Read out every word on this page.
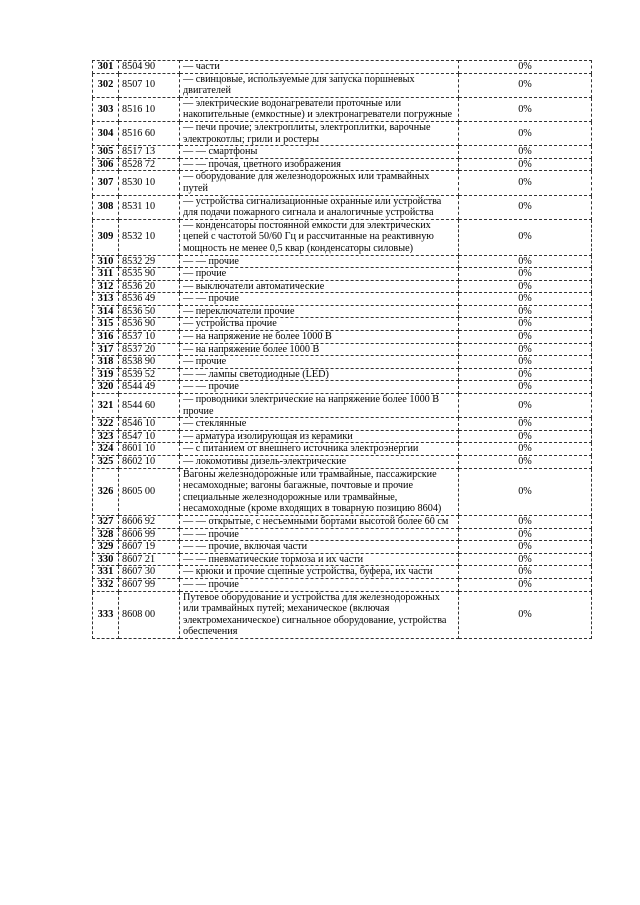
301	8504 90	— части	0%
302	8507 10	— свинцовые, используемые для запуска поршневых двигателей	0%
303	8516 10	— электрические водонагреватели проточные или накопительные (емкостные) и электронагреватели погружные	0%
304	8516 60	— печи прочие; электроплиты, электроплитки, варочные электрокотлы; грили и ростеры	0%
305	8517 13	— — смартфоны	0%
306	8528 72	— — прочая, цветного изображения	0%
307	8530 10	— оборудование для железнодорожных или трамвайных путей	0%
308	8531 10	— устройства сигнализационные охранные или устройства для подачи пожарного сигнала и аналогичные устройства	0%
309	8532 10	— конденсаторы постоянной емкости для электрических цепей с частотой 50/60 Гц и рассчитанные на реактивную мощность не менее 0,5 квар (конденсаторы силовые)	0%
310	8532 29	— — прочие	0%
311	8535 90	— прочие	0%
312	8536 20	— выключатели автоматические	0%
313	8536 49	— — прочие	0%
314	8536 50	— переключатели прочие	0%
315	8536 90	— устройства прочие	0%
316	8537 10	— на напряжение не более 1000 В	0%
317	8537 20	— на напряжение более 1000 В	0%
318	8538 90	— прочие	0%
319	8539 52	— — лампы светодиодные (LED)	0%
320	8544 49	— — прочие	0%
321	8544 60	— проводники электрические на напряжение более 1000 В прочие	0%
322	8546 10	— стеклянные	0%
323	8547 10	— арматура изолирующая из керамики	0%
324	8601 10	— с питанием от внешнего источника электроэнергии	0%
325	8602 10	— локомотивы дизель-электрические	0%
326	8605 00	Вагоны железнодорожные или трамвайные, пассажирские несамоходные; вагоны багажные, почтовые и прочие специальные железнодорожные или трамвайные, несамоходные (кроме входящих в товарную позицию 8604)	0%
327	8606 92	— — открытые, с несъемными бортами высотой более 60 см	0%
328	8606 99	— — прочие	0%
329	8607 19	— — прочие, включая части	0%
330	8607 21	— — пневматические тормоза и их части	0%
331	8607 30	— крюки и прочие сцепные устройства, буфера, их части	0%
332	8607 99	— — прочие	0%
333	8608 00	Путевое оборудование и устройства для железнодорожных или трамвайных путей; механическое (включая электромеханическое) сигнальное оборудование, устройства обеспечения	0%
